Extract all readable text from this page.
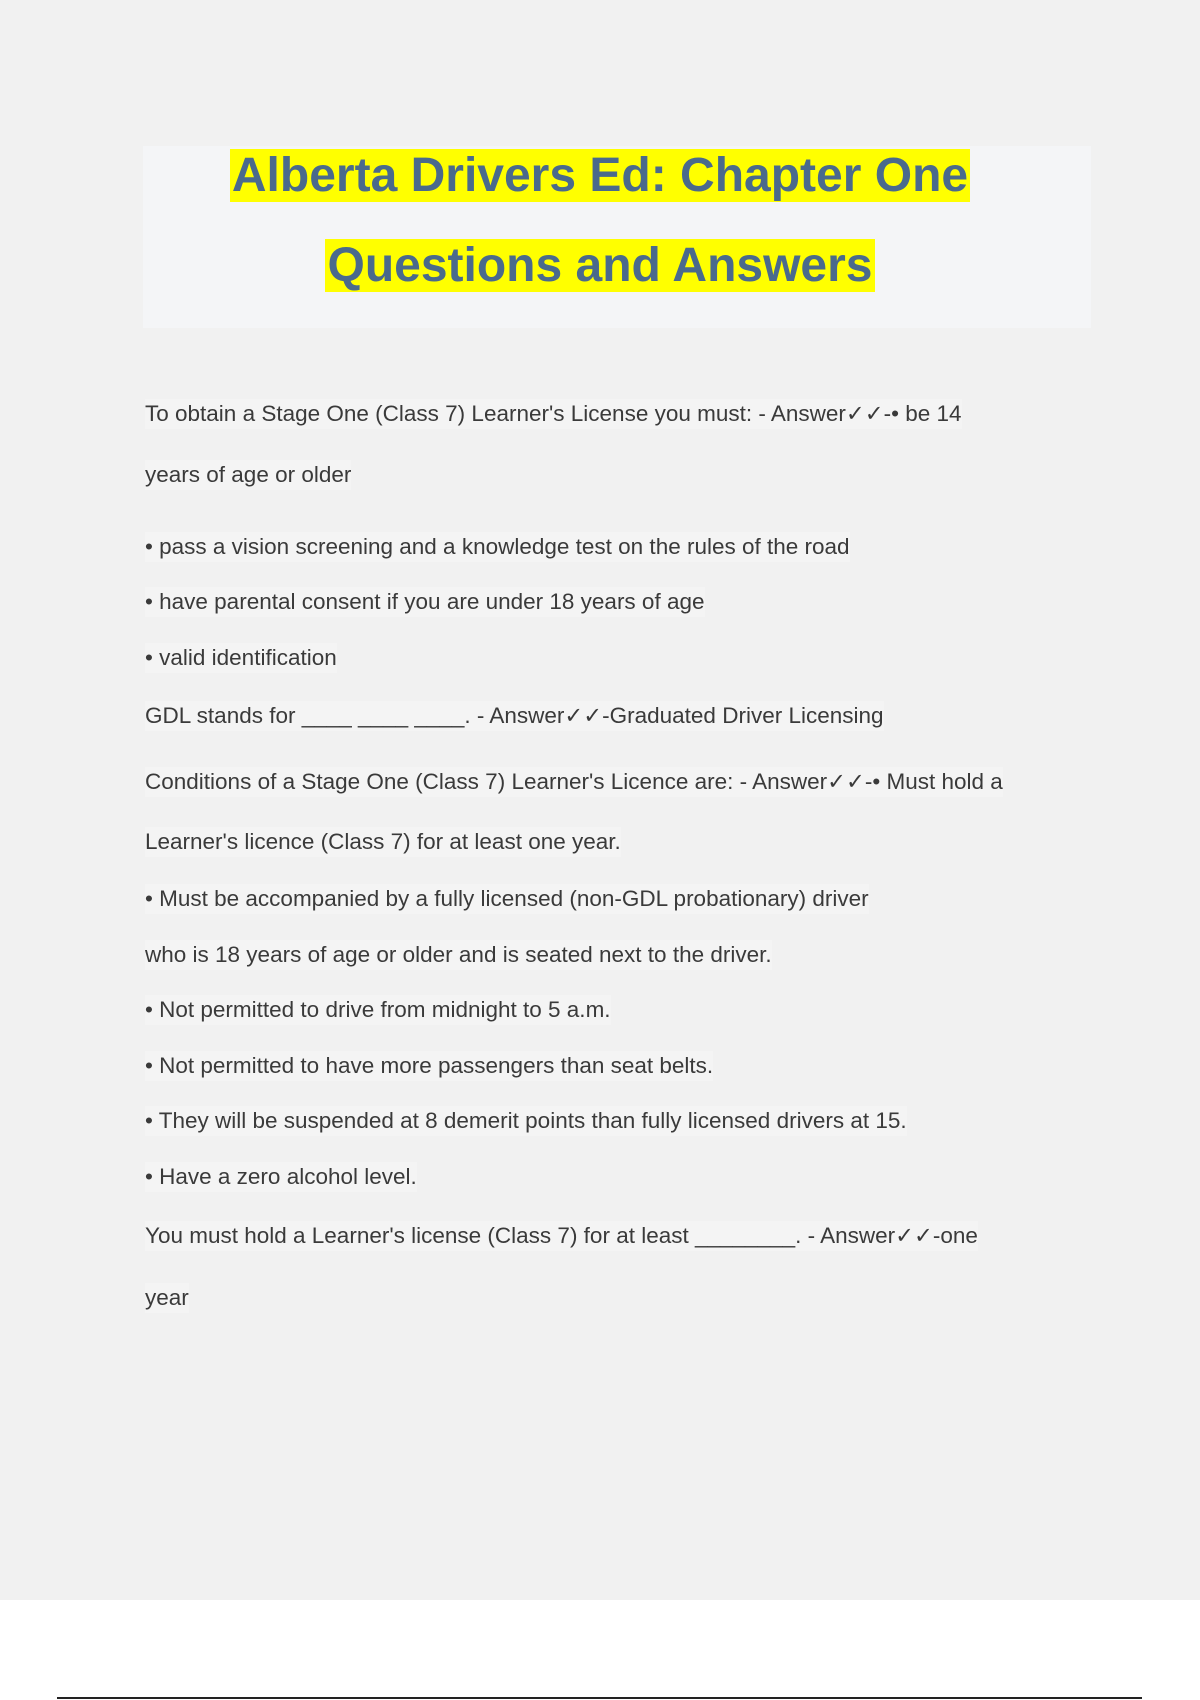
Alberta Drivers Ed: Chapter One
Questions and Answers
To obtain a Stage One (Class 7) Learner's License you must: - Answer✓✓-• be 14
years of age or older
• pass a vision screening and a knowledge test on the rules of the road
• have parental consent if you are under 18 years of age
• valid identification
GDL stands for ____ ____ ____. - Answer✓✓-Graduated Driver Licensing
Conditions of a Stage One (Class 7) Learner's Licence are: - Answer✓✓-• Must hold a
Learner's licence (Class 7) for at least one year.
• Must be accompanied by a fully licensed (non-GDL probationary) driver
who is 18 years of age or older and is seated next to the driver.
• Not permitted to drive from midnight to 5 a.m.
• Not permitted to have more passengers than seat belts.
• They will be suspended at 8 demerit points than fully licensed drivers at 15.
• Have a zero alcohol level.
You must hold a Learner's license (Class 7) for at least ________. - Answer✓✓-one
year
